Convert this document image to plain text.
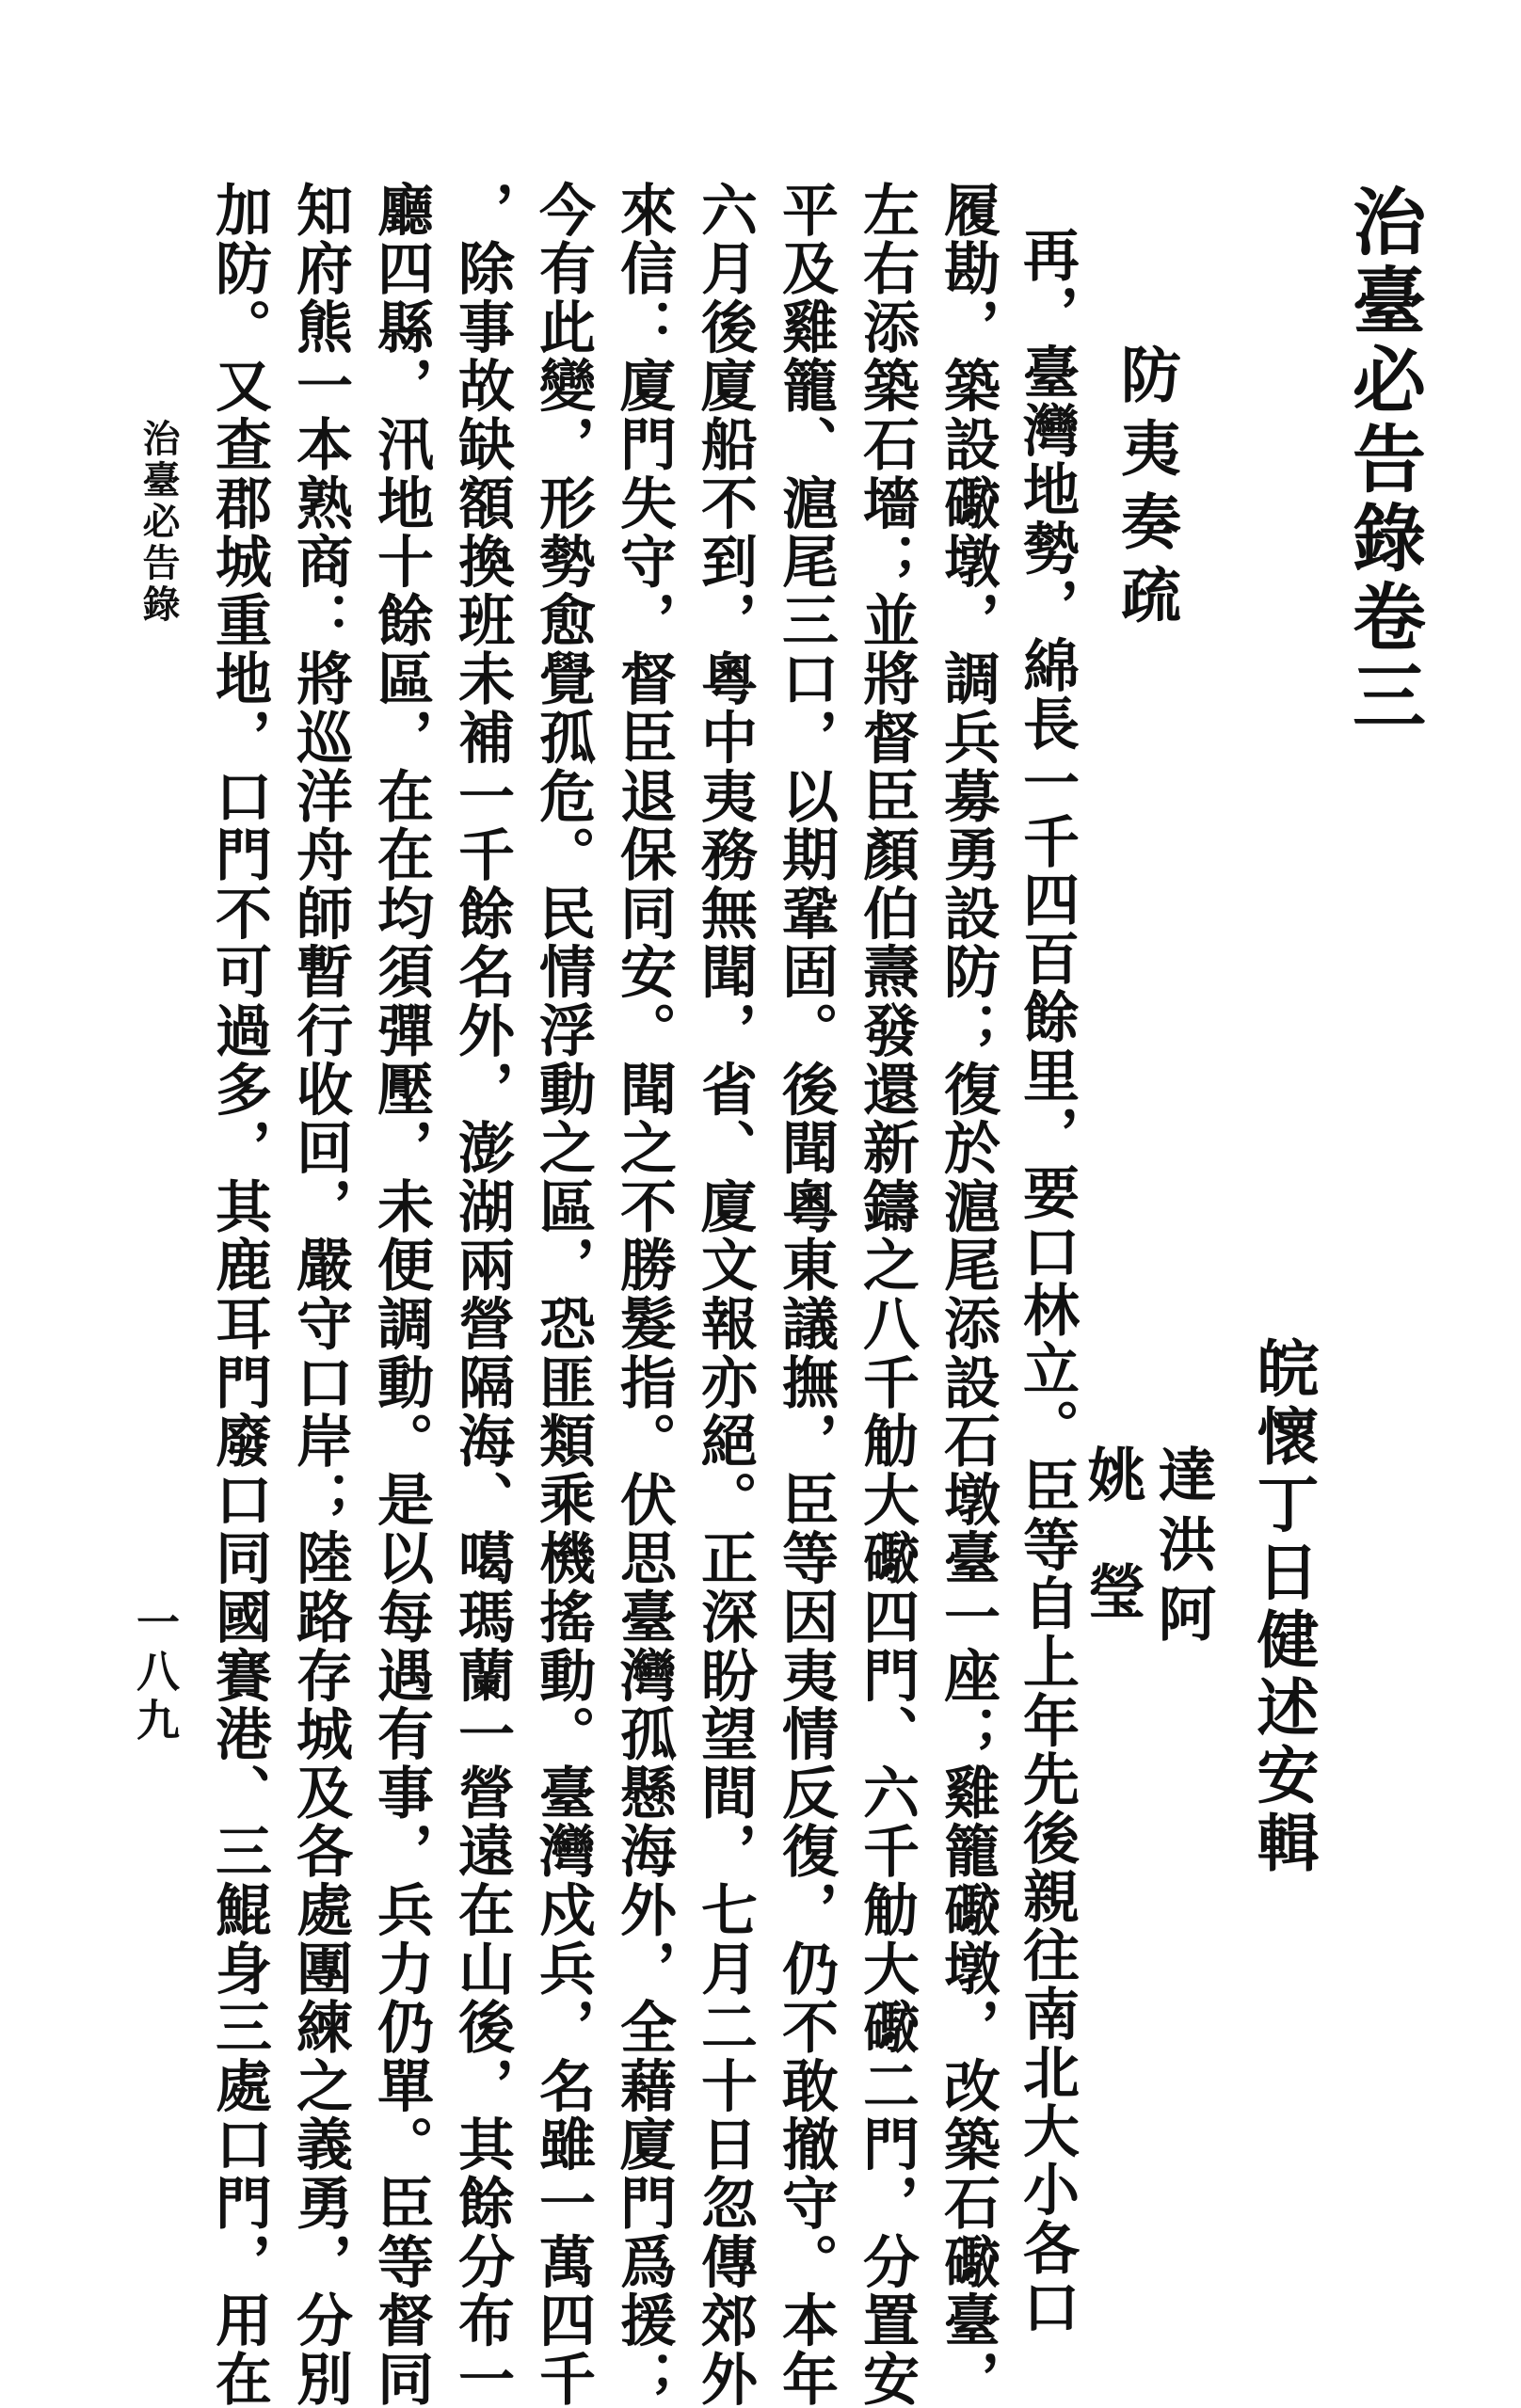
治臺必告錄卷三
防夷奏疏
皖懷丁日健述安輯
達洪阿
姚瑩
再，臺灣地勢，綿長一千四百餘里，要口林立。臣等自上年先後親往南北大小各口
履勘，築設礮墩，調兵募勇設防；復於滬尾添設石墩臺一座；雞籠礮墩，改築石礮臺，
左右添築石墻；並將督臣顏伯燾發還新鑄之八千觔大礮四門、六千觔大礮二門，分置安
平及雞籠、滬尾三口，以期鞏固。後聞粵東議撫，臣等因夷情反復，仍不敢撤守。本年
六月後廈船不到，粵中夷務無聞，省、廈文報亦絕。正深盼望間，七月二十日忽傳郊外
來信：廈門失守，督臣退保同安。聞之不勝髮指。伏思臺灣孤懸海外，全藉廈門爲援；
今有此變，形勢愈覺孤危。民情浮動之區，恐匪類乘機搖動。臺灣戍兵，名雖一萬四千
，除事故缺額換班未補一千餘名外，澎湖兩營隔海、噶瑪蘭一營遠在山後，其餘分布一
廳四縣，汛地十餘區，在在均須彈壓，未便調動。是以每遇有事，兵力仍單。臣等督同
知府熊一本熟商：將巡洋舟師暫行收回，嚴守口岸；陸路存城及各處團練之義勇，分別
加防。又查郡城重地，口門不可過多，其鹿耳門廢口同國賽港、三鯤身三處口門，用在
治臺必告錄
一八九
